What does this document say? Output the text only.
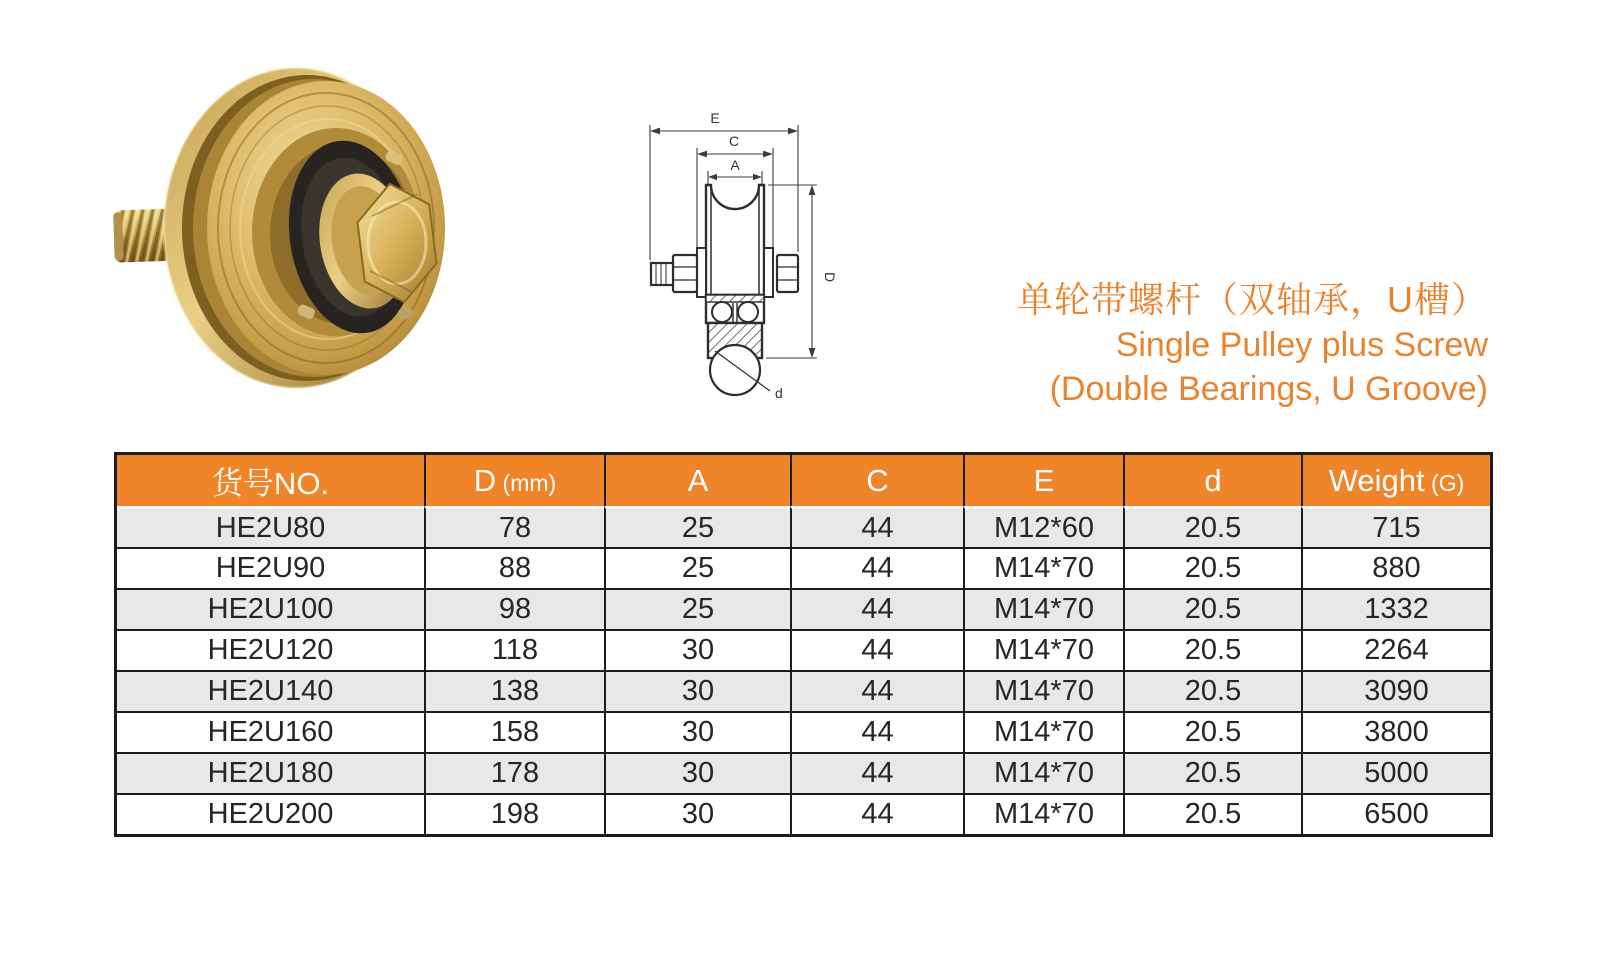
E
C
A
D
d
单轮带螺杆（双轴承，U槽）
Single Pulley plus Screw
(Double Bearings, U Groove)
货号NO.	D (mm)	A	C	E	d	Weight (G)
HE2U80	78	25	44	M12*60	20.5	715
HE2U90	88	25	44	M14*70	20.5	880
HE2U100	98	25	44	M14*70	20.5	1332
HE2U120	118	30	44	M14*70	20.5	2264
HE2U140	138	30	44	M14*70	20.5	3090
HE2U160	158	30	44	M14*70	20.5	3800
HE2U180	178	30	44	M14*70	20.5	5000
HE2U200	198	30	44	M14*70	20.5	6500
